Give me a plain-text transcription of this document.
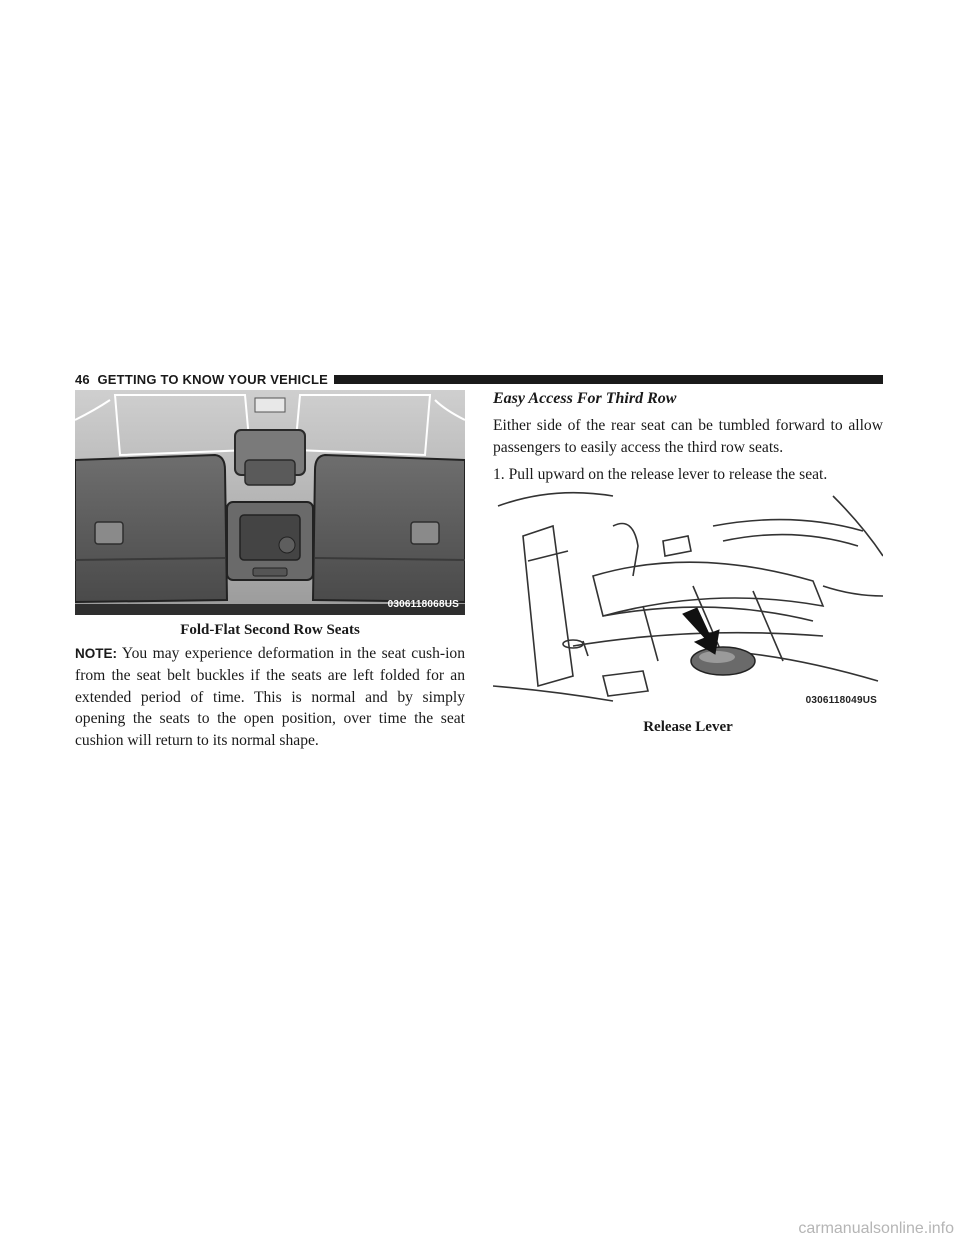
46 GETTING TO KNOW YOUR VEHICLE
0306118068US
Fold-Flat Second Row Seats
NOTE: You may experience deformation in the seat cush-ion from the seat belt buckles if the seats are left folded for an extended period of time. This is normal and by simply opening the seats to the open position, over time the seat cushion will return to its normal shape.
Easy Access For Third Row
Either side of the rear seat can be tumbled forward to allow passengers to easily access the third row seats.
1. Pull upward on the release lever to release the seat.
0306118049US
Release Lever
carmanualsonline.info
